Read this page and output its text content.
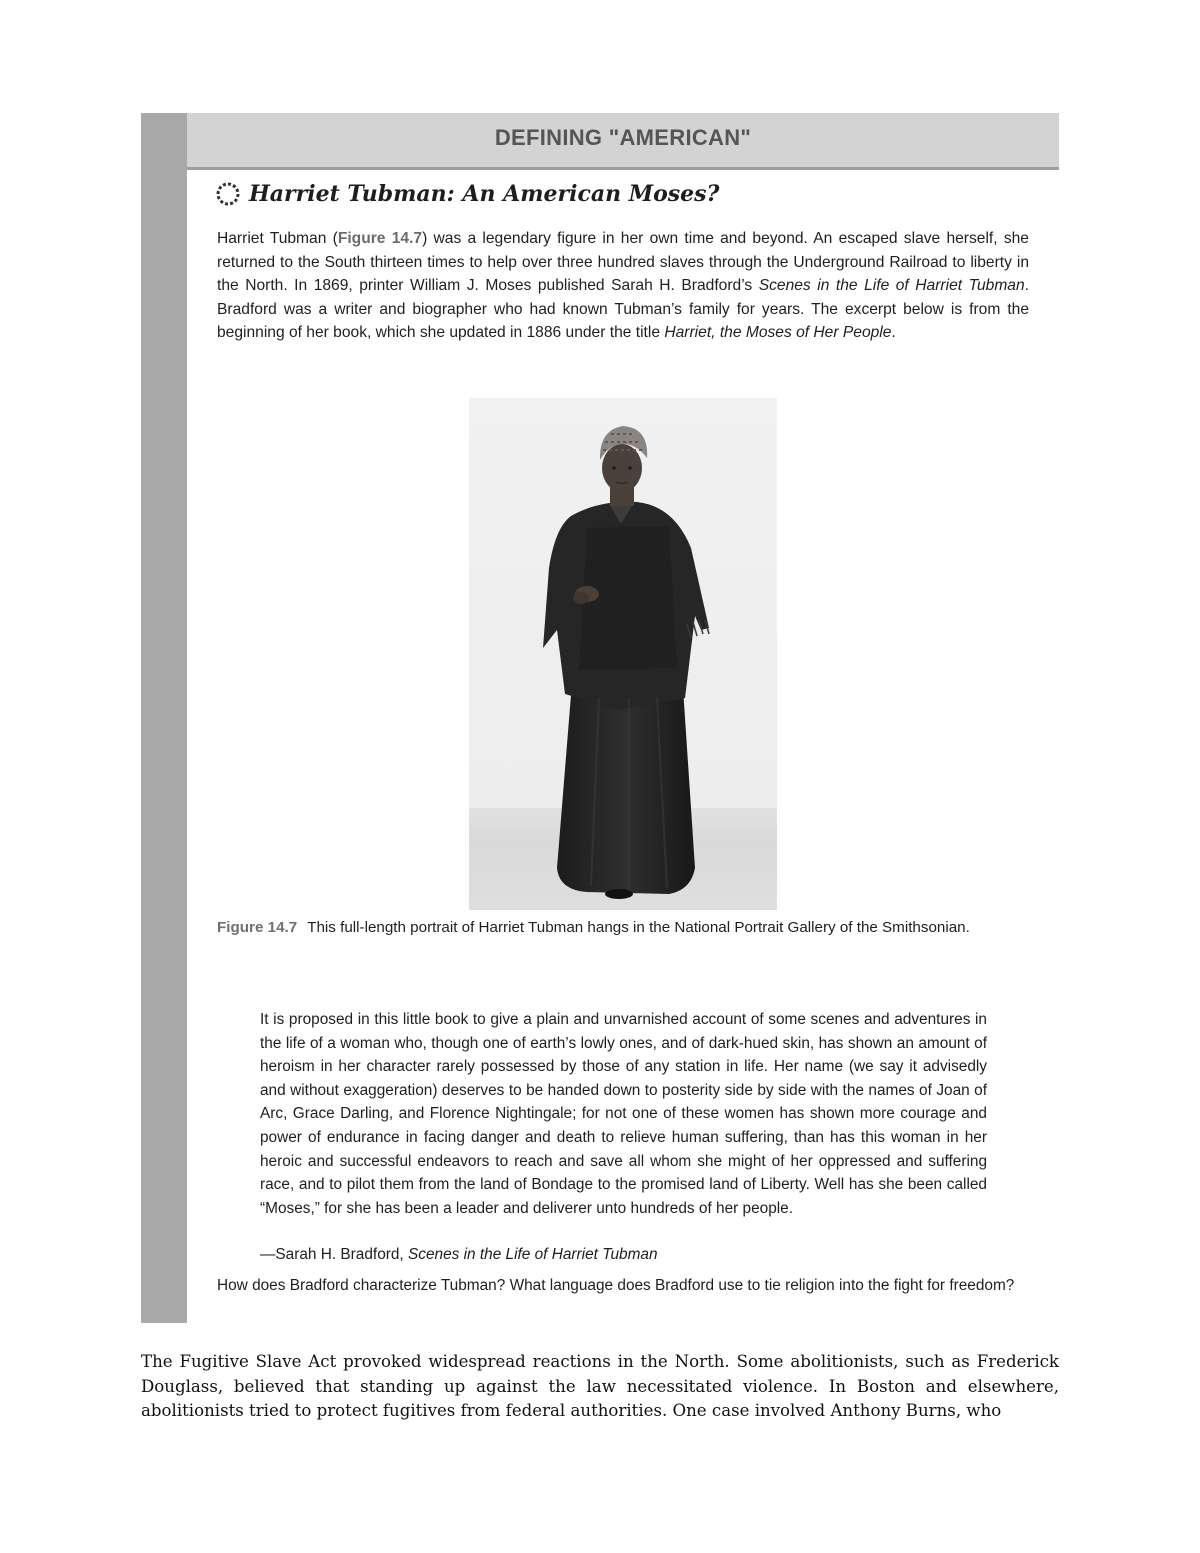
DEFINING "AMERICAN"
Harriet Tubman: An American Moses?
Harriet Tubman (Figure 14.7) was a legendary figure in her own time and beyond. An escaped slave herself, she returned to the South thirteen times to help over three hundred slaves through the Underground Railroad to liberty in the North. In 1869, printer William J. Moses published Sarah H. Bradford’s Scenes in the Life of Harriet Tubman. Bradford was a writer and biographer who had known Tubman’s family for years. The excerpt below is from the beginning of her book, which she updated in 1886 under the title Harriet, the Moses of Her People.
Figure 14.7 This full-length portrait of Harriet Tubman hangs in the National Portrait Gallery of the Smithsonian.
It is proposed in this little book to give a plain and unvarnished account of some scenes and adventures in the life of a woman who, though one of earth’s lowly ones, and of dark-hued skin, has shown an amount of heroism in her character rarely possessed by those of any station in life. Her name (we say it advisedly and without exaggeration) deserves to be handed down to posterity side by side with the names of Joan of Arc, Grace Darling, and Florence Nightingale; for not one of these women has shown more courage and power of endurance in facing danger and death to relieve human suffering, than has this woman in her heroic and successful endeavors to reach and save all whom she might of her oppressed and suffering race, and to pilot them from the land of Bondage to the promised land of Liberty. Well has she been called “Moses,” for she has been a leader and deliverer unto hundreds of her people.
—Sarah H. Bradford, Scenes in the Life of Harriet Tubman
How does Bradford characterize Tubman? What language does Bradford use to tie religion into the fight for freedom?
The Fugitive Slave Act provoked widespread reactions in the North. Some abolitionists, such as Frederick Douglass, believed that standing up against the law necessitated violence. In Boston and elsewhere, abolitionists tried to protect fugitives from federal authorities. One case involved Anthony Burns, who
